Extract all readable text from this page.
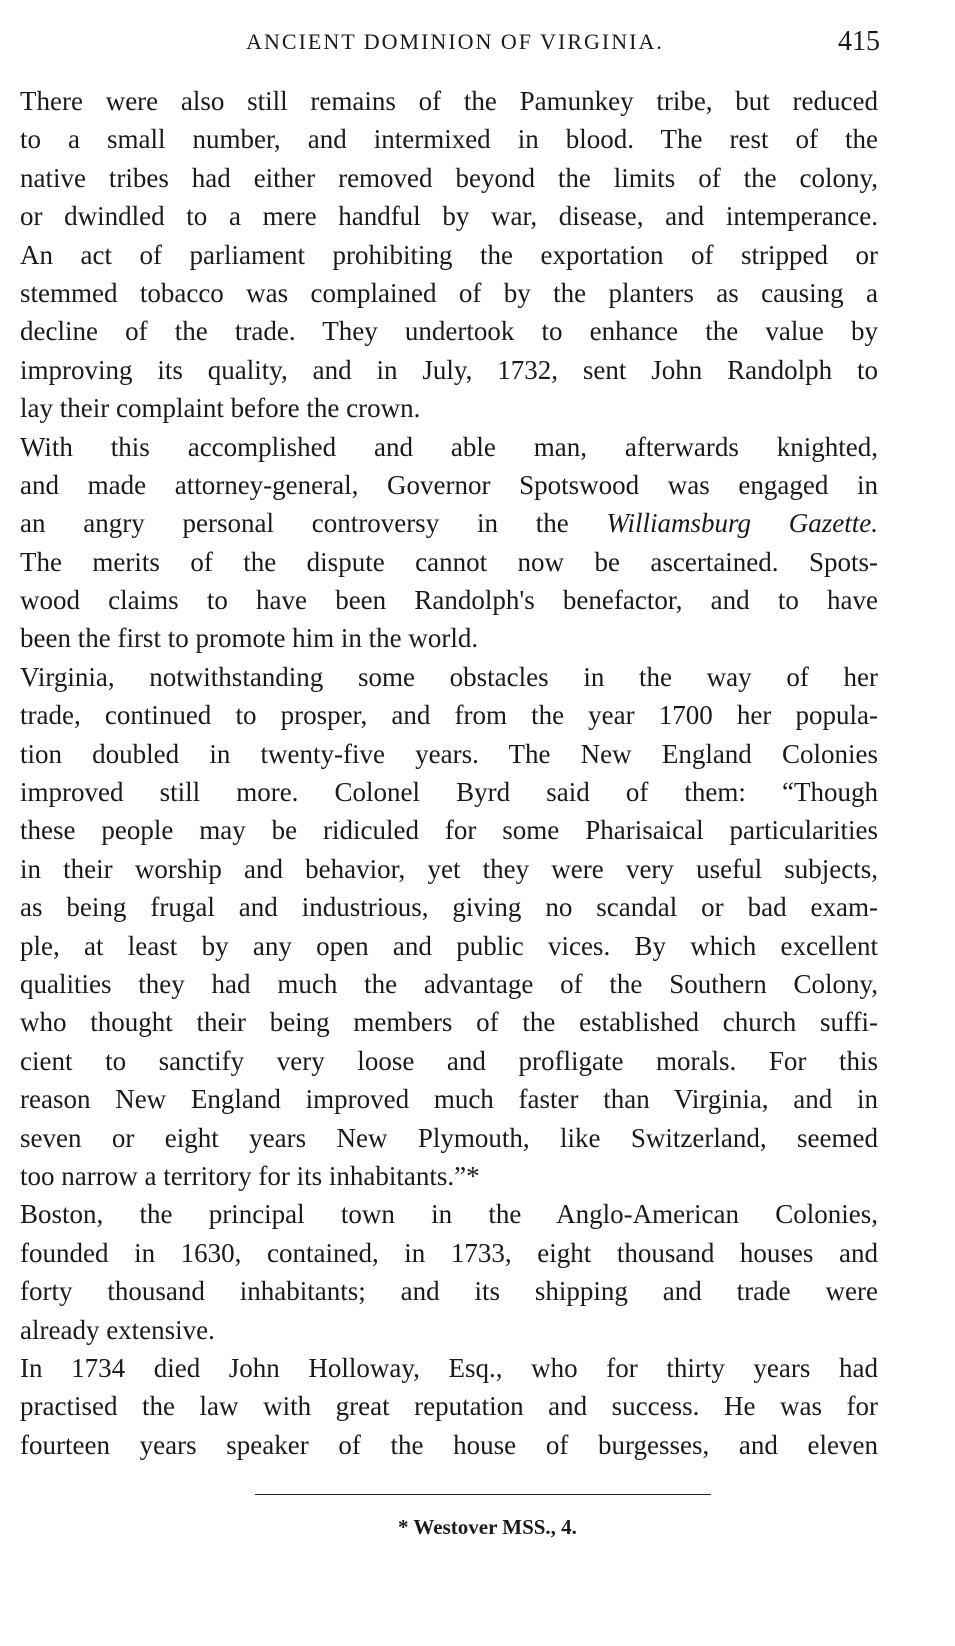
ANCIENT DOMINION OF VIRGINIA.	415
There were also still remains of the Pamunkey tribe, but reduced
to a small number, and intermixed in blood. The rest of the
native tribes had either removed beyond the limits of the colony,
or dwindled to a mere handful by war, disease, and intemperance.
An act of parliament prohibiting the exportation of stripped or
stemmed tobacco was complained of by the planters as causing a
decline of the trade. They undertook to enhance the value by
improving its quality, and in July, 1732, sent John Randolph to
lay their complaint before the crown.
With this accomplished and able man, afterwards knighted,
and made attorney-general, Governor Spotswood was engaged in
an angry personal controversy in the Williamsburg Gazette.
The merits of the dispute cannot now be ascertained. Spots-
wood claims to have been Randolph's benefactor, and to have
been the first to promote him in the world.
Virginia, notwithstanding some obstacles in the way of her
trade, continued to prosper, and from the year 1700 her popula-
tion doubled in twenty-five years. The New England Colonies
improved still more. Colonel Byrd said of them: “Though
these people may be ridiculed for some Pharisaical particularities
in their worship and behavior, yet they were very useful subjects,
as being frugal and industrious, giving no scandal or bad exam-
ple, at least by any open and public vices. By which excellent
qualities they had much the advantage of the Southern Colony,
who thought their being members of the established church suffi-
cient to sanctify very loose and profligate morals. For this
reason New England improved much faster than Virginia, and in
seven or eight years New Plymouth, like Switzerland, seemed
too narrow a territory for its inhabitants.”*
Boston, the principal town in the Anglo-American Colonies,
founded in 1630, contained, in 1733, eight thousand houses and
forty thousand inhabitants; and its shipping and trade were
already extensive.
In 1734 died John Holloway, Esq., who for thirty years had
practised the law with great reputation and success. He was for
fourteen years speaker of the house of burgesses, and eleven
* Westover MSS., 4.
